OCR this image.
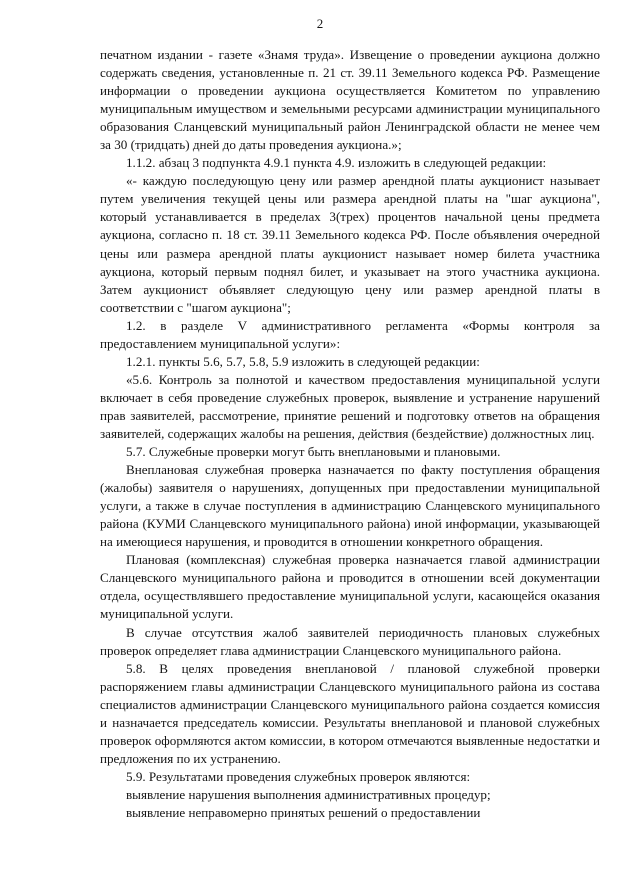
2

печатном издании - газете «Знамя труда». Извещение о проведении аукциона должно содержать сведения, установленные п. 21 ст. 39.11 Земельного кодекса РФ. Размещение информации о проведении аукциона осуществляется Комитетом по управлению муниципальным имуществом и земельными ресурсами администрации муниципального образования Сланцевский муниципальный район Ленинградской области не менее чем за 30 (тридцать) дней до даты проведения аукциона.»;

1.1.2. абзац 3 подпункта 4.9.1 пункта 4.9. изложить в следующей редакции:

«- каждую последующую цену или размер арендной платы аукционист называет путем увеличения текущей цены или размера арендной платы на "шаг аукциона", который устанавливается в пределах 3(трех) процентов начальной цены предмета аукциона, согласно п. 18 ст. 39.11 Земельного кодекса РФ. После объявления очередной цены или размера арендной платы аукционист называет номер билета участника аукциона, который первым поднял билет, и указывает на этого участника аукциона. Затем аукционист объявляет следующую цену или размер арендной платы в соответствии с "шагом аукциона";

1.2. в разделе V административного регламента «Формы контроля за предоставлением муниципальной услуги»:

1.2.1. пункты 5.6, 5.7, 5.8, 5.9 изложить в следующей редакции:

«5.6. Контроль за полнотой и качеством предоставления муниципальной услуги включает в себя проведение служебных проверок, выявление и устранение нарушений прав заявителей, рассмотрение, принятие решений и подготовку ответов на обращения заявителей, содержащих жалобы на решения, действия (бездействие) должностных лиц.

5.7. Служебные проверки могут быть внеплановыми и плановыми.

Внеплановая служебная проверка назначается по факту поступления обращения (жалобы) заявителя о нарушениях, допущенных при предоставлении муниципальной услуги, а также в случае поступления в администрацию Сланцевского муниципального района (КУМИ Сланцевского муниципального района) иной информации, указывающей на имеющиеся нарушения, и проводится в отношении конкретного обращения.

Плановая (комплексная) служебная проверка назначается главой администрации Сланцевского муниципального района и проводится в отношении всей документации отдела, осуществлявшего предоставление муниципальной услуги, касающейся оказания муниципальной услуги.

В случае отсутствия жалоб заявителей периодичность плановых служебных проверок определяет глава администрации Сланцевского муниципального района.

5.8. В целях проведения внеплановой / плановой служебной проверки распоряжением главы администрации Сланцевского муниципального района из состава специалистов администрации Сланцевского муниципального района создается комиссия и назначается председатель комиссии. Результаты внеплановой и плановой служебных проверок оформляются актом комиссии, в котором отмечаются выявленные недостатки и предложения по их устранению.

5.9. Результатами проведения служебных проверок являются:

выявление нарушения выполнения административных процедур;

выявление неправомерно принятых решений о предоставлении
